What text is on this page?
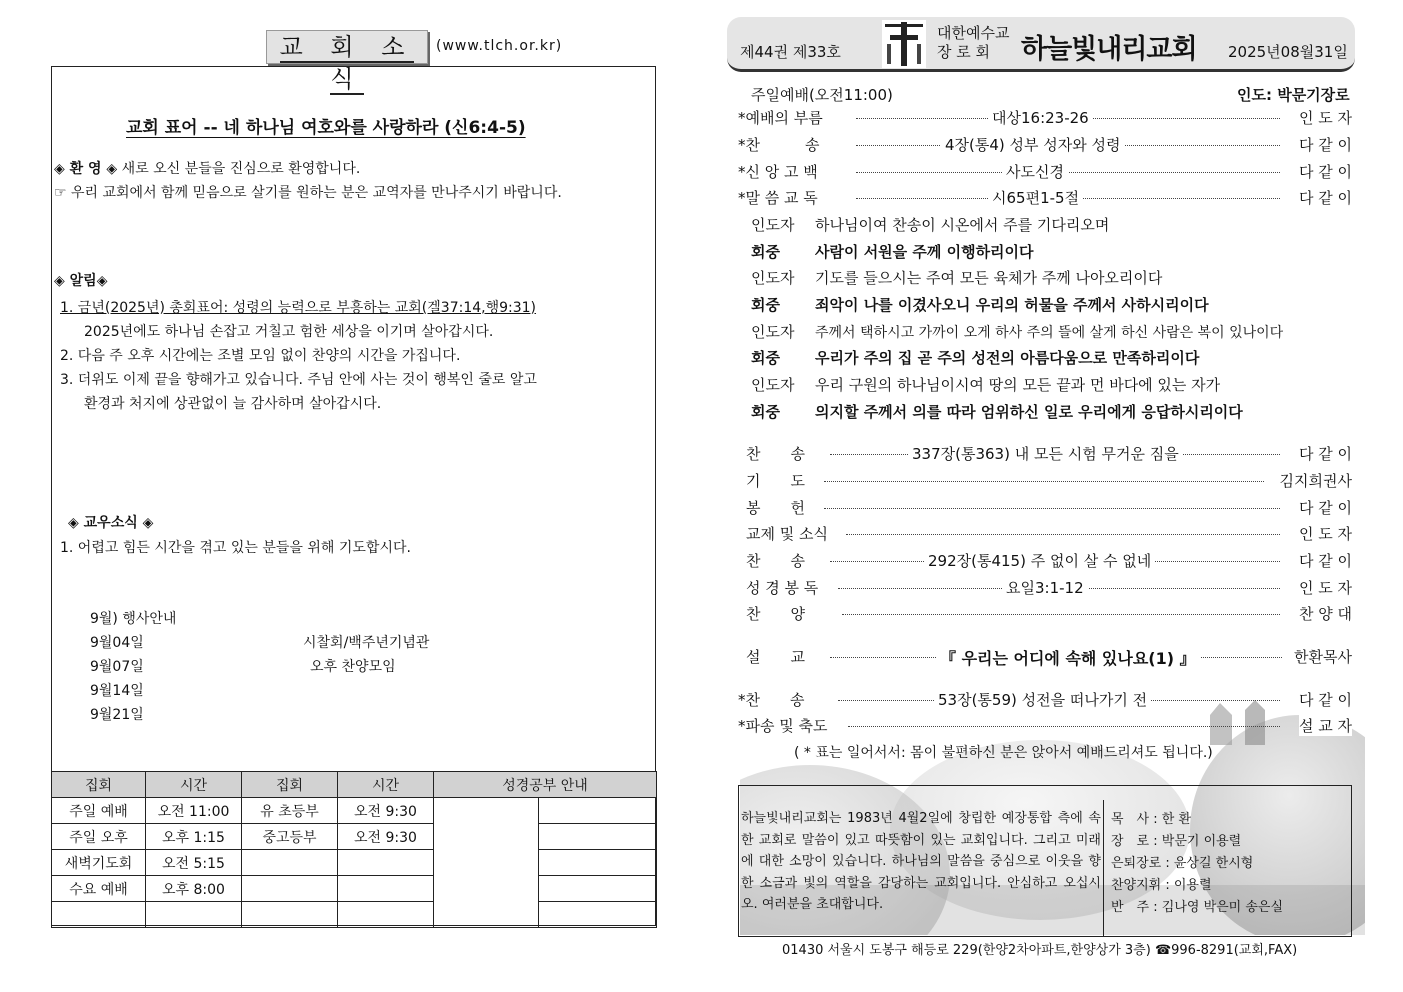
교 회 소 식
(www.tlch.or.kr)
교회 표어 -- 네 하나님 여호와를 사랑하라 (신6:4-5)
◈ 환 영 ◈ 새로 오신 분들을 진심으로 환영합니다.
☞ 우리 교회에서 함께 믿음으로 살기를 원하는 분은 교역자를 만나주시기 바랍니다.
◈ 알림◈
1. 금년(2025년) 총회표어: 성령의 능력으로 부흥하는 교회(겔37:14,행9:31)
2025년에도 하나님 손잡고 거칠고 험한 세상을 이기며 살아갑시다.
2. 다음 주 오후 시간에는 조별 모임 없이 찬양의 시간을 가집니다.
3. 더위도 이제 끝을 향해가고 있습니다. 주님 안에 사는 것이 행복인 줄로 알고
환경과 처지에 상관없이 늘 감사하며 살아갑시다.
◈ 교우소식 ◈
1. 어렵고 힘든 시간을 겪고 있는 분들을 위해 기도합시다.
9월) 행사안내
9월04일	시찰회/백주년기념관
9월07일	오후 찬양모임
9월14일
9월21일
집회	시간	집회	시간	성경공부 안내	
주일 예배	오전 11:00	유 초등부	오전 9:30		
주일 오후	오후 1:15	중고등부	오전 9:30		
새벽기도회	오전 5:15				
수요 예배	오후 8:00				

제44권 제33호
대한예수교
장 로 회	하늘빛내리교회 2025년08월31일
주일예배(오전11:00)	인도: 박문기장로
*예배의 부름	대상16:23-26	인 도 자
*찬　　　송	4장(통4) 성부 성자와 성령	다 같 이
*신 앙 고 백	사도신경	다 같 이
*말 씀 교 독	시65편1-5절	다 같 이
인도자 하나님이여 찬송이 시온에서 주를 기다리오며
회중 사람이 서원을 주께 이행하리이다
인도자 기도를 들으시는 주여 모든 육체가 주께 나아오리이다
회중 죄악이 나를 이겼사오니 우리의 허물을 주께서 사하시리이다
인도자 주께서 택하시고 가까이 오게 하사 주의 뜰에 살게 하신 사람은 복이 있나이다
회중 우리가 주의 집 곧 주의 성전의 아름다움으로 만족하리이다
인도자 우리 구원의 하나님이시여 땅의 모든 끝과 먼 바다에 있는 자가
회중 의지할 주께서 의를 따라 엄위하신 일로 우리에게 응답하시리이다
찬　　송	337장(통363) 내 모든 시험 무거운 짐을	다 같 이
기　　도	김지희권사
봉　　헌	다 같 이
교제 및 소식	인 도 자
찬　　송	292장(통415) 주 없이 살 수 없네	다 같 이
성 경 봉 독	요일3:1-12	인 도 자
찬　　양	찬 양 대
설　　교	『 우리는 어디에 속해 있나요(1) 』	한환목사
*찬　　송	53장(통59) 성전을 떠나가기 전	다 같 이
*파송 및 축도	설 교 자
( * 표는 일어서서: 몸이 불편하신 분은 앉아서 예배드리셔도 됩니다.)
하늘빛내리교회는 1983년 4월2일에 창립한 예장통합 측에 속한 교회로 말씀이 있고 따뜻함이 있는 교회입니다. 그리고 미래에 대한 소망이 있습니다. 하나님의 말씀을 중심으로 이웃을 향한 소금과 빛의 역할을 감당하는 교회입니다. 안심하고 오십시오. 여러분을 초대합니다.
목　사 : 한 환
장　로 : 박문기 이용렬
은퇴장로 : 윤상길 한시형
찬양지휘 : 이용렬
반　주 : 김나영 박은미 송은실
01430 서울시 도봉구 해등로 229(한양2차아파트,한양상가 3층) ☎996-8291(교회,FAX)
